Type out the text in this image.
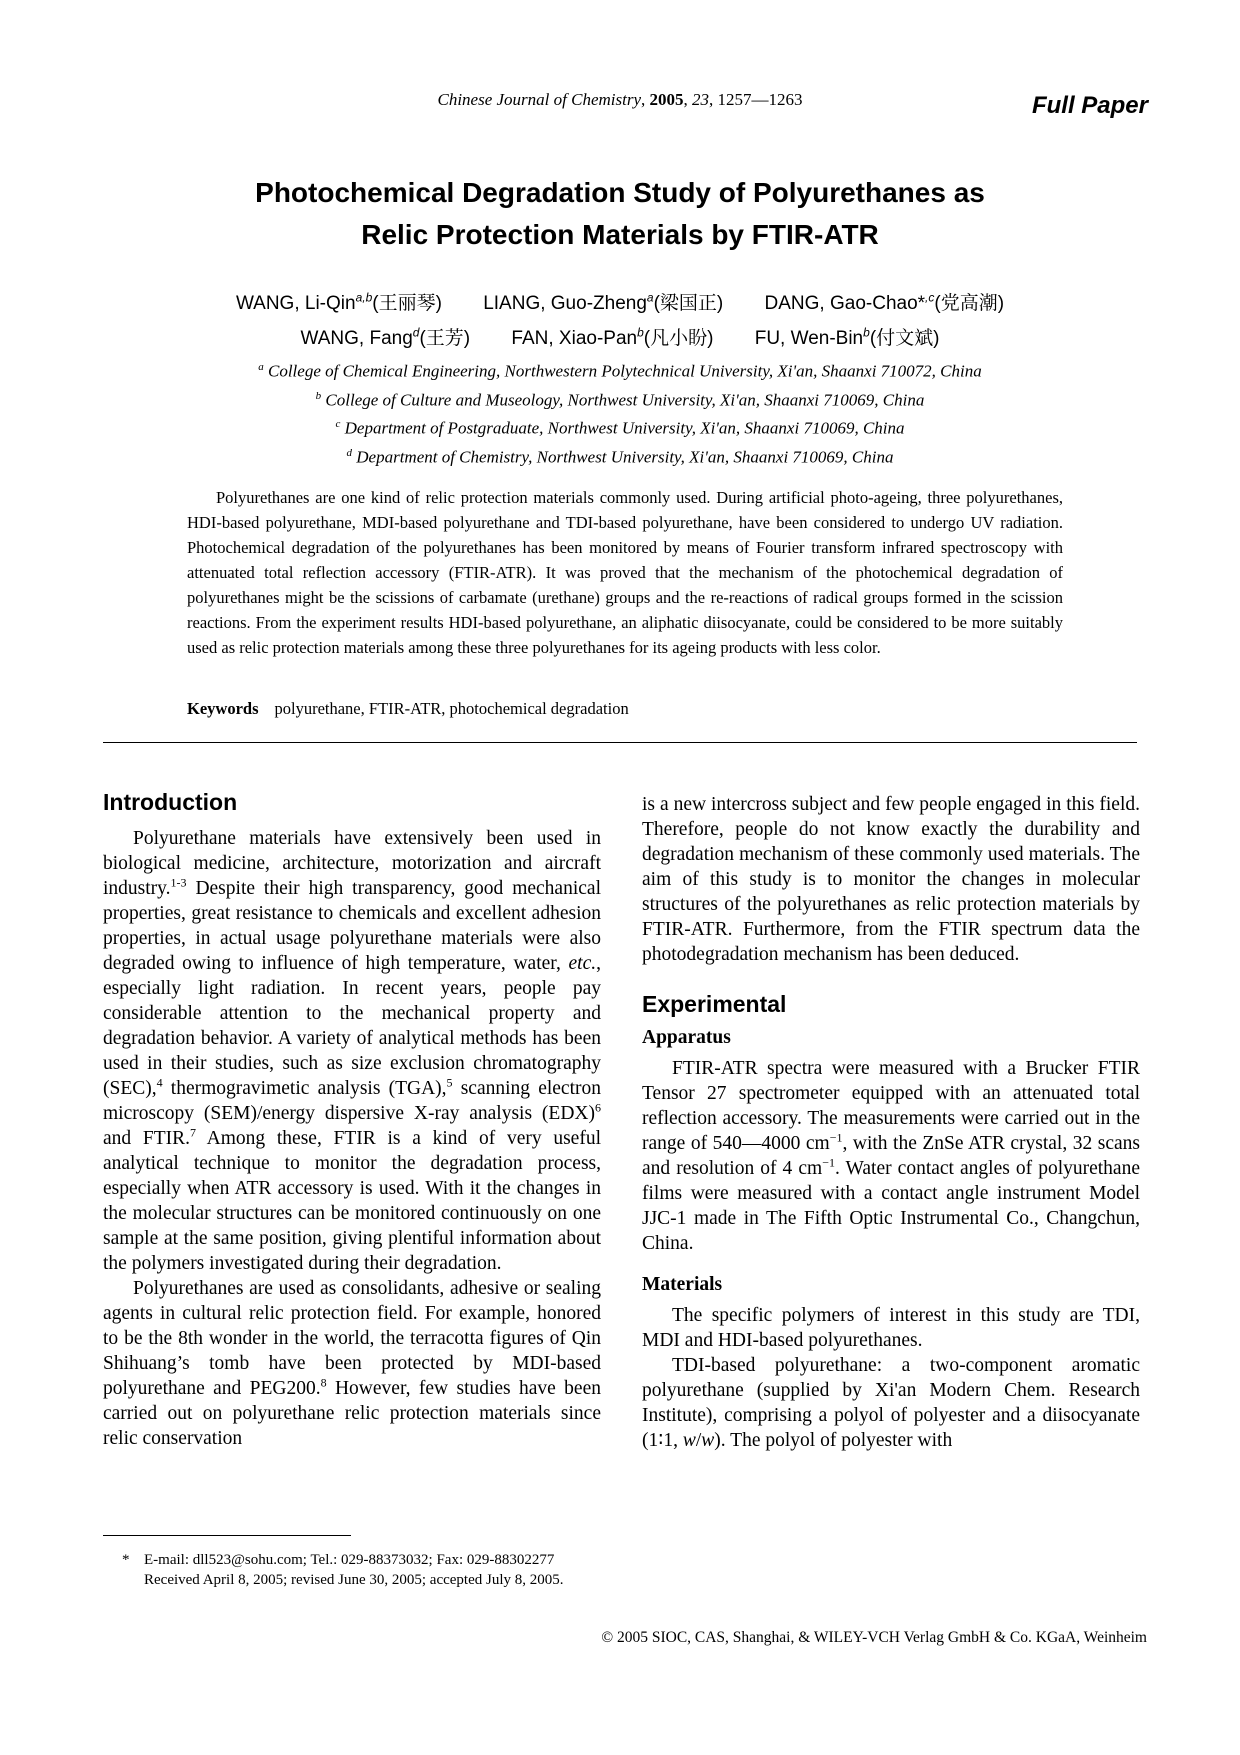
Chinese Journal of Chemistry, 2005, 23, 1257—1263	Full Paper
Photochemical Degradation Study of Polyurethanes as
Relic Protection Materials by FTIR-ATR
WANG, Li-Qin$^{a,b}$(王丽琴) LIANG, Guo-Zheng$^a$(梁国正) DANG, Gao-Chao*$^{,c}$(党高潮)
WANG, Fang$^d$(王芳) FAN, Xiao-Pan$^b$(凡小盼) FU, Wen-Bin$^b$(付文斌)
$^a$ College of Chemical Engineering, Northwestern Polytechnical University, Xi'an, Shaanxi 710072, China
$^b$ College of Culture and Museology, Northwest University, Xi'an, Shaanxi 710069, China
$^c$ Department of Postgraduate, Northwest University, Xi'an, Shaanxi 710069, China
$^d$ Department of Chemistry, Northwest University, Xi'an, Shaanxi 710069, China

Polyurethanes are one kind of relic protection materials commonly used. During artificial photo-ageing, three polyurethanes, HDI-based polyurethane, MDI-based polyurethane and TDI-based polyurethane, have been considered to undergo UV radiation. Photochemical degradation of the polyurethanes has been monitored by means of Fourier transform infrared spectroscopy with attenuated total reflection accessory (FTIR-ATR). It was proved that the mechanism of the photochemical degradation of polyurethanes might be the scissions of carbamate (urethane) groups and the re-reactions of radical groups formed in the scission reactions. From the experiment results HDI-based polyurethane, an aliphatic diisocyanate, could be considered to be more suitably used as relic protection materials among these three polyurethanes for its ageing products with less color.

Keywords polyurethane, FTIR-ATR, photochemical degradation
Introduction

Polyurethane materials have extensively been used in biological medicine, architecture, motorization and aircraft industry.$^{1-3}$ Despite their high transparency, good mechanical properties, great resistance to chemicals and excellent adhesion properties, in actual usage polyurethane materials were also degraded owing to influence of high temperature, water, etc., especially light radiation. In recent years, people pay considerable attention to the mechanical property and degradation behavior. A variety of analytical methods has been used in their studies, such as size exclusion chromatography (SEC),$^4$ thermogravimetic analysis (TGA),$^5$ scanning electron microscopy (SEM)/energy dispersive X-ray analysis (EDX)$^6$ and FTIR.$^7$ Among these, FTIR is a kind of very useful analytical technique to monitor the degradation process, especially when ATR accessory is used. With it the changes in the molecular structures can be monitored continuously on one sample at the same position, giving plentiful information about the polymers investigated during their degradation.

Polyurethanes are used as consolidants, adhesive or sealing agents in cultural relic protection field. For example, honored to be the 8th wonder in the world, the terracotta figures of Qin Shihuang’s tomb have been protected by MDI-based polyurethane and PEG200.$^8$ However, few studies have been carried out on polyurethane relic protection materials since relic conservation

is a new intercross subject and few people engaged in this field. Therefore, people do not know exactly the durability and degradation mechanism of these commonly used materials. The aim of this study is to monitor the changes in molecular structures of the polyurethanes as relic protection materials by FTIR-ATR. Furthermore, from the FTIR spectrum data the photodegradation mechanism has been deduced.

Experimental
Apparatus

FTIR-ATR spectra were measured with a Brucker FTIR Tensor 27 spectrometer equipped with an attenuated total reflection accessory. The measurements were carried out in the range of 540—4000 $cm^{-1}$, with the ZnSe ATR crystal, 32 scans and resolution of 4 $cm^{-1}$. Water contact angles of polyurethane films were measured with a contact angle instrument Model JJC-1 made in The Fifth Optic Instrumental Co., Changchun, China.

Materials

The specific polymers of interest in this study are TDI, MDI and HDI-based polyurethanes.

TDI-based polyurethane: a two-component aromatic polyurethane (supplied by Xi'an Modern Chem. Research Institute), comprising a polyol of polyester and a diisocyanate (1∶1, w/w). The polyol of polyester with

* E-mail: dll523@sohu.com; Tel.: 029-88373032; Fax: 029-88302277
Received April 8, 2005; revised June 30, 2005; accepted July 8, 2005.
© 2005 SIOC, CAS, Shanghai, & WILEY-VCH Verlag GmbH & Co. KGaA, Weinheim
